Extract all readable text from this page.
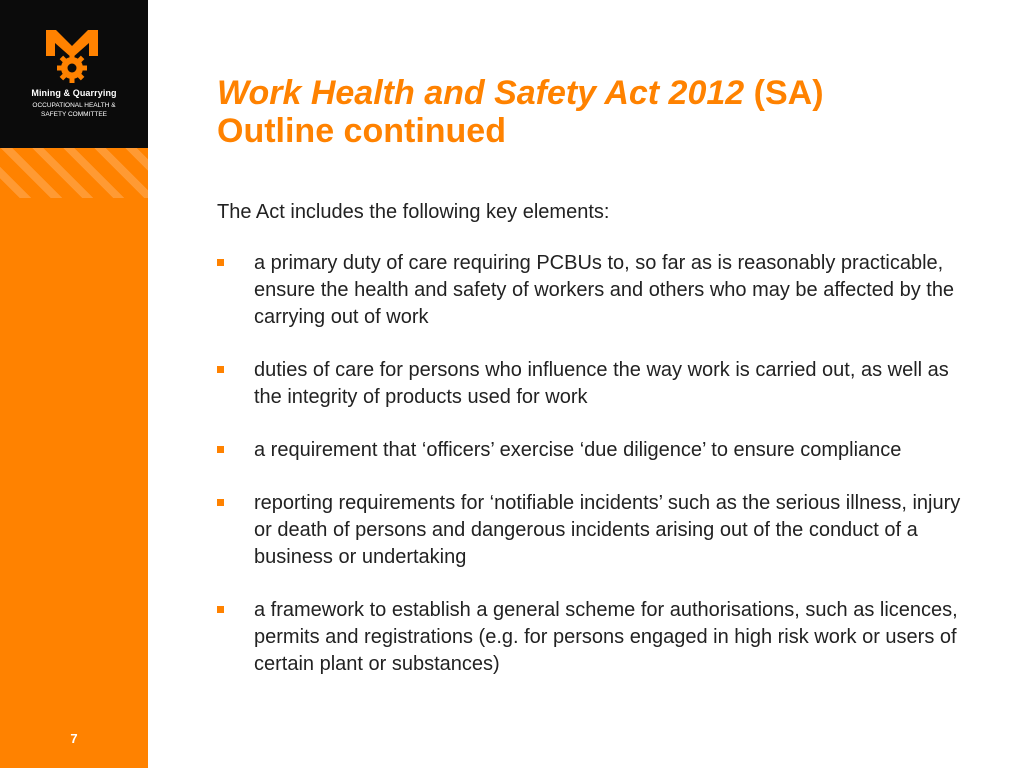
Mining & Quarrying
OCCUPATIONAL HEALTH &
SAFETY COMMITTEE
7
Work Health and Safety Act 2012 (SA)
Outline continued
The Act includes the following key elements:
a primary duty of care requiring PCBUs to, so far as is reasonably practicable, ensure the health and safety of workers and others who may be affected by the carrying out of work
duties of care for persons who influence the way work is carried out, as well as the integrity of products used for work
a requirement that ‘officers’ exercise ‘due diligence’ to ensure compliance
reporting requirements for ‘notifiable incidents’ such as the serious illness, injury or death of persons and dangerous incidents arising out of the conduct of a business or undertaking
a framework to establish a general scheme for authorisations, such as licences, permits and registrations (e.g. for persons engaged in high risk work or users of certain plant or substances)
